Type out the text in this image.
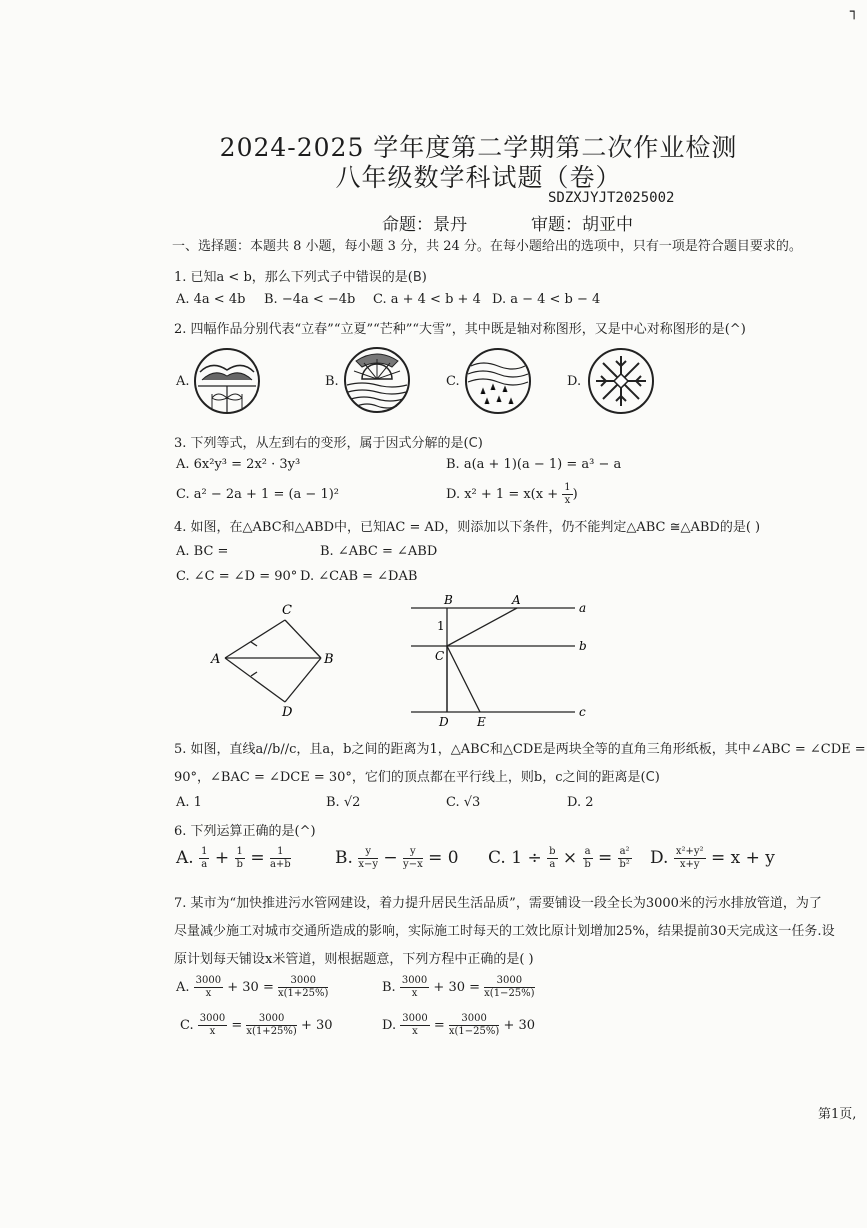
┐
2024-2025 学年度第二学期第二次作业检测
八年级数学科试题（卷）
SDZXJYJT2025002
命题：景丹	审题：胡亚中
一、选择题：本题共 8 小题，每小题 3 分，共 24 分。在每小题给出的选项中，只有一项是符合题目要求的。
1. 已知a < b，那么下列式子中错误的是(B)
A. 4a < 4b B. −4a < −4b C. a + 4 < b + 4 D. a − 4 < b − 4
2. 四幅作品分别代表“立春”“立夏”“芒种”“大雪”，其中既是轴对称图形，又是中心对称图形的是(^)
A.	B.	C.	D.
3. 下列等式，从左到右的变形，属于因式分解的是(C)
A. 6x²y³ = 2x² · 3y³	B. a(a + 1)(a − 1) = a³ − a
C. a² − 2a + 1 = (a − 1)²	D. $x^2 + 1 = x(x + \frac{1}{x}$ )
4. 如图，在△ABC和△ABD中，已知AC = AD，则添加以下条件，仍不能判定△ABC ≅△ABD的是( )
A. BC =	B. ∠ABC = ∠ABD
C. ∠C = ∠D = 90° D. ∠CAB = ∠DAB
C
A	B
D
B	A
a
C
b
D E
c
1
5. 如图，直线a//b//c，且a，b之间的距离为1，△ABC和△CDE是两块全等的直角三角形纸板，其中∠ABC = ∠CDE =
90°，∠BAC = ∠DCE = 30°，它们的顶点都在平行线上，则b，c之间的距离是(C)
A. 1	B. √2	C. √3	D. 2
6. 下列运算正确的是(^)
A. $\frac{1}{a} + \frac{1}{b} = \frac{1}{a+b}$	B. $\frac{y}{x-y} - \frac{y}{y-x} = 0$ C. $1 \div \frac{b}{a} \times \frac{a}{b} = \frac{\text{a²}}{\text{b²}} D$. $\frac{\text{x²+y²}}{x+y} = x + y$
7. 某市为“加快推进污水管网建设，着力提升居民生活品质”，需要铺设一段全长为3000米的污水排放管道，为了
尽量减少施工对城市交通所造成的影响，实际施工时每天的工效比原计划增加25%，结果提前30天完成这一任务.设
原计划每天铺设x米管道，则根据题意，下列方程中正确的是( )
A. $\frac{3000}{x} + 30 = \frac{3000}{x(1+25\%)}$	B. $\frac{3000}{x} + 30 = \frac{3000}{x(1-25\%)}$
C. $\frac{3000}{x} = \frac{3000}{x(1+25\%)} + 30$	D. $\frac{3000}{x} = \frac{3000}{x(1-25\%)} + 30$
第1页,
